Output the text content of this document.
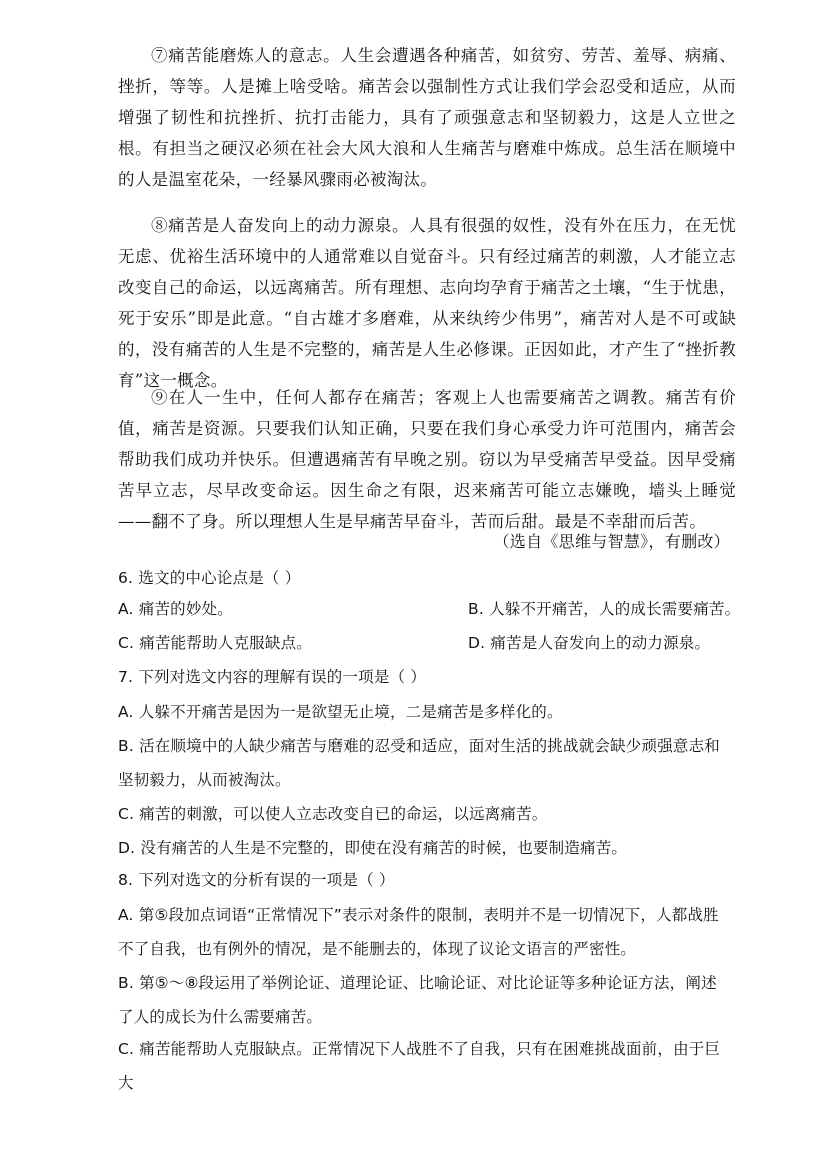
⑦痛苦能磨炼人的意志。人生会遭遇各种痛苦，如贫穷、劳苦、羞辱、病痛、挫折，等等。人是摊上啥受啥。痛苦会以强制性方式让我们学会忍受和适应，从而增强了韧性和抗挫折、抗打击能力，具有了顽强意志和坚韧毅力，这是人立世之根。有担当之硬汉必须在社会大风大浪和人生痛苦与磨难中炼成。总生活在顺境中的人是温室花朵，一经暴风骤雨必被淘汰。
⑧痛苦是人奋发向上的动力源泉。人具有很强的奴性，没有外在压力，在无忧无虑、优裕生活环境中的人通常难以自觉奋斗。只有经过痛苦的刺激，人才能立志改变自己的命运，以远离痛苦。所有理想、志向均孕育于痛苦之土壤，“生于忧患，死于安乐”即是此意。“自古雄才多磨难，从来纨绔少伟男”，痛苦对人是不可或缺的，没有痛苦的人生是不完整的，痛苦是人生必修课。正因如此，才产生了“挫折教育”这一概念。
⑨在人一生中，任何人都存在痛苦；客观上人也需要痛苦之调教。痛苦有价值，痛苦是资源。只要我们认知正确，只要在我们身心承受力许可范围内，痛苦会帮助我们成功并快乐。但遭遇痛苦有早晚之别。窃以为早受痛苦早受益。因早受痛苦早立志，尽早改变命运。因生命之有限，迟来痛苦可能立志嫌晚，墙头上睡觉——翻不了身。所以理想人生是早痛苦早奋斗，苦而后甜。最是不幸甜而后苦。
（选自《思维与智慧》，有删改）
6. 选文的中心论点是（ ）
A. 痛苦的妙处。	B. 人躲不开痛苦，人的成长需要痛苦。
C. 痛苦能帮助人克服缺点。	D. 痛苦是人奋发向上的动力源泉。
7. 下列对选文内容的理解有误的一项是（ ）
A. 人躲不开痛苦是因为一是欲望无止境，二是痛苦是多样化的。
B. 活在顺境中的人缺少痛苦与磨难的忍受和适应，面对生活的挑战就会缺少顽强意志和坚韧毅力，从而被淘汰。
C. 痛苦的刺激，可以使人立志改变自已的命运，以远离痛苦。
D. 没有痛苦的人生是不完整的，即使在没有痛苦的时候，也要制造痛苦。
8. 下列对选文的分析有误的一项是（ ）
A. 第⑤段加点词语“正常情况下”表示对条件的限制，表明并不是一切情况下，人都战胜不了自我，也有例外的情况，是不能删去的，体现了议论文语言的严密性。
B. 第⑤～⑧段运用了举例论证、道理论证、比喻论证、对比论证等多种论证方法，阐述了人的成长为什么需要痛苦。
C. 痛苦能帮助人克服缺点。正常情况下人战胜不了自我，只有在困难挑战面前，由于巨大
